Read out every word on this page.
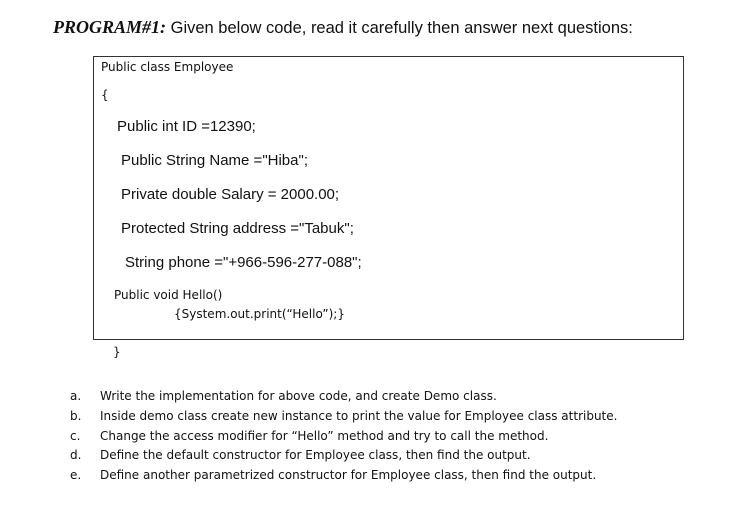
PROGRAM#1: Given below code, read it carefully then answer next questions:
Public class Employee
{
Public int ID =12390;
Public String Name ="Hiba";
Private double Salary = 2000.00;
Protected String address ="Tabuk";
String phone ="+966-596-277-088";
Public void Hello()
{System.out.print(“Hello”);}
}
a. Write the implementation for above code, and create Demo class.
b. Inside demo class create new instance to print the value for Employee class attribute.
c. Change the access modifier for “Hello” method and try to call the method.
d. Define the default constructor for Employee class, then find the output.
e. Define another parametrized constructor for Employee class, then find the output.
